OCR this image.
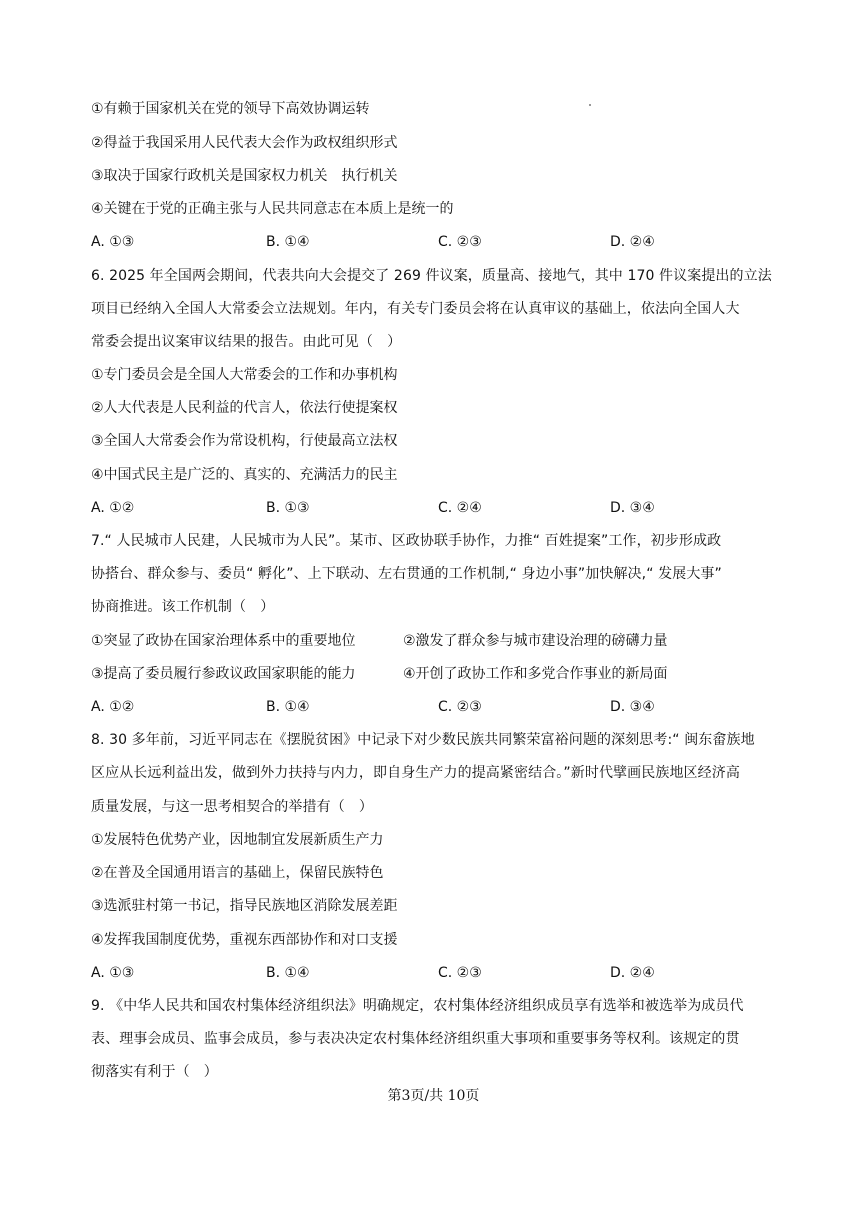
①有赖于国家机关在党的领导下高效协调运转
②得益于我国采用人民代表大会作为政权组织形式
③取决于国家行政机关是国家权力机关　执行机关
④关键在于党的正确主张与人民共同意志在本质上是统一的
A. ①③	B. ①④	C. ②③	D. ②④
6. 2025 年全国两会期间，代表共向大会提交了 269 件议案，质量高、接地气，其中 170 件议案提出的立法
项目已经纳入全国人大常委会立法规划。年内，有关专门委员会将在认真审议的基础上，依法向全国人大
常委会提出议案审议结果的报告。由此可见（　）
①专门委员会是全国人大常委会的工作和办事机构
②人大代表是人民利益的代言人，依法行使提案权
③全国人大常委会作为常设机构，行使最高立法权
④中国式民主是广泛的、真实的、充满活力的民主
A. ①②	B. ①③	C. ②④	D. ③④
7.“ 人民城市人民建，人民城市为人民”。某市、区政协联手协作，力推“ 百姓提案”工作，初步形成政
协搭台、群众参与、委员“ 孵化”、上下联动、左右贯通的工作机制,“ 身边小事”加快解决,“ 发展大事”
协商推进。该工作机制（　）
①突显了政协在国家治理体系中的重要地位	②激发了群众参与城市建设治理的磅礴力量
③提高了委员履行参政议政国家职能的能力	④开创了政协工作和多党合作事业的新局面
A. ①②	B. ①④	C. ②③	D. ③④
8. 30 多年前，习近平同志在《摆脱贫困》中记录下对少数民族共同繁荣富裕问题的深刻思考:“ 闽东畲族地
区应从长远利益出发，做到外力扶持与内力，即自身生产力的提高紧密结合。”新时代擘画民族地区经济高
质量发展，与这一思考相契合的举措有（　）
①发展特色优势产业，因地制宜发展新质生产力
②在普及全国通用语言的基础上，保留民族特色
③选派驻村第一书记，指导民族地区消除发展差距
④发挥我国制度优势，重视东西部协作和对口支援
A. ①③	B. ①④	C. ②③	D. ②④
9. 《中华人民共和国农村集体经济组织法》明确规定，农村集体经济组织成员享有选举和被选举为成员代
表、理事会成员、监事会成员，参与表决决定农村集体经济组织重大事项和重要事务等权利。该规定的贯
彻落实有利于（　）
第3页/共 10页
